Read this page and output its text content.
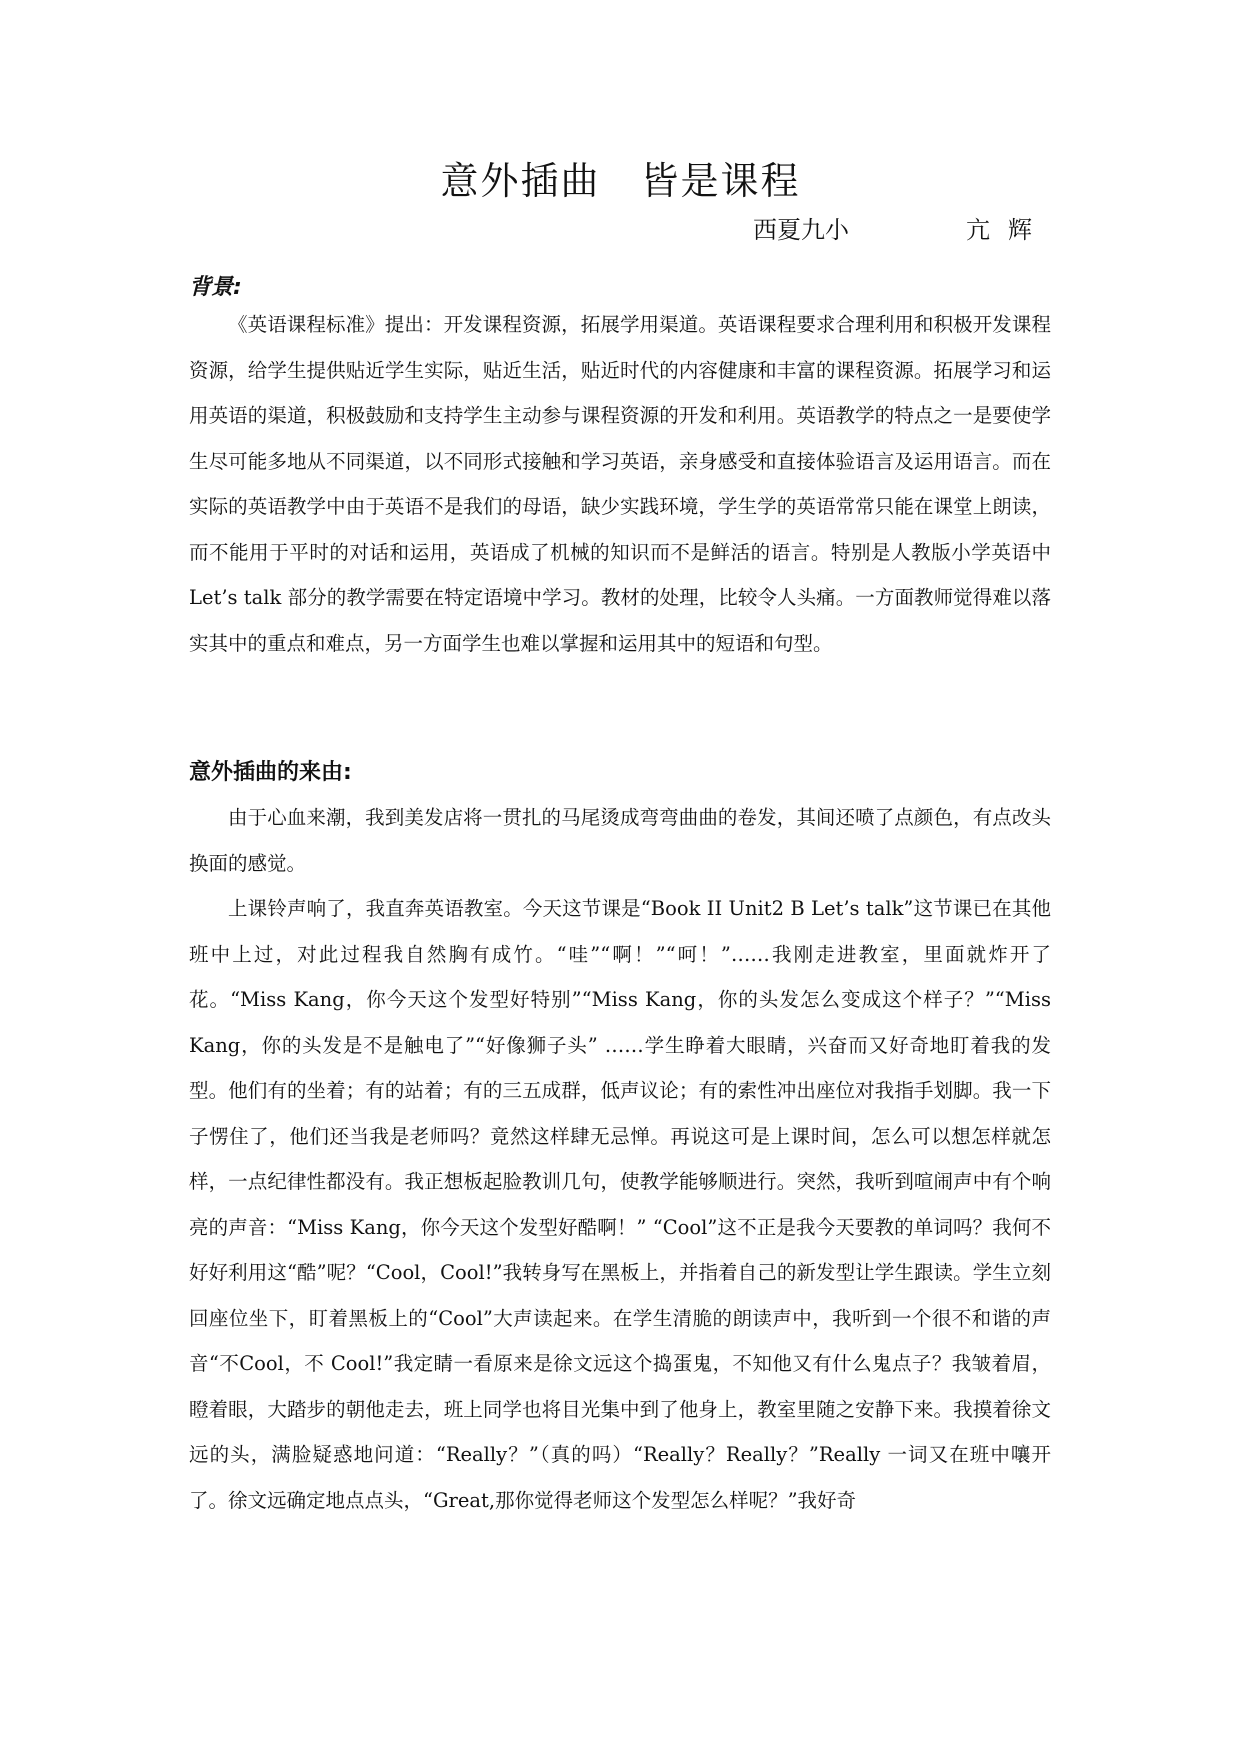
意外插曲　皆是课程
西夏九小	亢辉
背景:

《英语课程标准》提出：开发课程资源，拓展学用渠道。英语课程要求合理利用和积极开发课程资源，给学生提供贴近学生实际，贴近生活，贴近时代的内容健康和丰富的课程资源。拓展学习和运用英语的渠道，积极鼓励和支持学生主动参与课程资源的开发和利用。英语教学的特点之一是要使学生尽可能多地从不同渠道，以不同形式接触和学习英语，亲身感受和直接体验语言及运用语言。而在实际的英语教学中由于英语不是我们的母语，缺少实践环境，学生学的英语常常只能在课堂上朗读，而不能用于平时的对话和运用，英语成了机械的知识而不是鲜活的语言。特别是人教版小学英语中 Let’s talk 部分的教学需要在特定语境中学习。教材的处理，比较令人头痛。一方面教师觉得难以落实其中的重点和难点，另一方面学生也难以掌握和运用其中的短语和句型。

意外插曲的来由:

由于心血来潮，我到美发店将一贯扎的马尾烫成弯弯曲曲的卷发，其间还喷了点颜色，有点改头换面的感觉。

上课铃声响了，我直奔英语教室。今天这节课是“Book II Unit2 B Let’s talk”这节课已在其他班中上过，对此过程我自然胸有成竹。“哇”“啊！”“呵！”……我刚走进教室，里面就炸开了花。“Miss Kang，你今天这个发型好特别”“Miss Kang，你的头发怎么变成这个样子？”“Miss Kang，你的头发是不是触电了”“好像狮子头” ……学生睁着大眼睛，兴奋而又好奇地盯着我的发型。他们有的坐着；有的站着；有的三五成群，低声议论；有的索性冲出座位对我指手划脚。我一下子愣住了，他们还当我是老师吗？竟然这样肆无忌惮。再说这可是上课时间，怎么可以想怎样就怎样，一点纪律性都没有。我正想板起脸教训几句，使教学能够顺进行。突然，我听到喧闹声中有个响亮的声音：“Miss Kang，你今天这个发型好酷啊！” “Cool”这不正是我今天要教的单词吗？我何不好好利用这“酷”呢？“Cool，Cool!”我转身写在黑板上，并指着自己的新发型让学生跟读。学生立刻回座位坐下，盯着黑板上的“Cool”大声读起来。在学生清脆的朗读声中，我听到一个很不和谐的声音“不Cool，不 Cool!”我定睛一看原来是徐文远这个捣蛋鬼，不知他又有什么鬼点子？我皱着眉，瞪着眼，大踏步的朝他走去，班上同学也将目光集中到了他身上，教室里随之安静下来。我摸着徐文远的头，满脸疑惑地问道：“Really？”（真的吗）“Really？Really？”Really 一词又在班中嚷开了。徐文远确定地点点头，“Great,那你觉得老师这个发型怎么样呢？”我好奇
